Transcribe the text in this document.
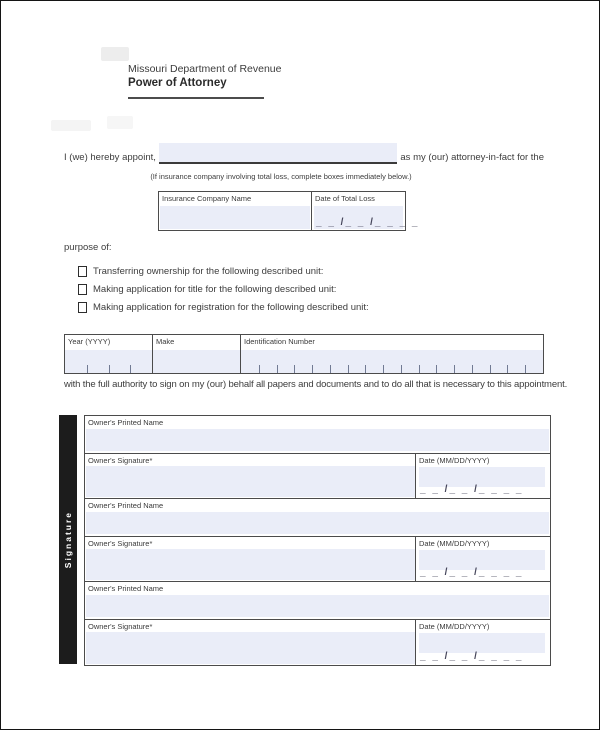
Missouri Department of Revenue
Power of Attorney
I (we) hereby appoint,	as my (our) attorney-in-fact for the
(If insurance company involving total loss, complete boxes immediately below.)
Insurance Company Name	Date of Total Loss
_ _ /_ _ /_ _ _ _
purpose of:
Transferring ownership for the following described unit:
Making application for title for the following described unit:
Making application for registration for the following described unit:
Year (YYYY)	Make	Identification Number
with the full authority to sign on my (our) behalf all papers and documents and to do all that is necessary to this appointment.
Signature
Owner's Printed Name
Owner's Signature*	Date (MM/DD/YYYY)
_ _ /_ _ /_ _ _ _
Owner's Printed Name
Owner's Signature*	Date (MM/DD/YYYY)
_ _ /_ _ /_ _ _ _
Owner's Printed Name
Owner's Signature*	Date (MM/DD/YYYY)
_ _ /_ _ /_ _ _ _
